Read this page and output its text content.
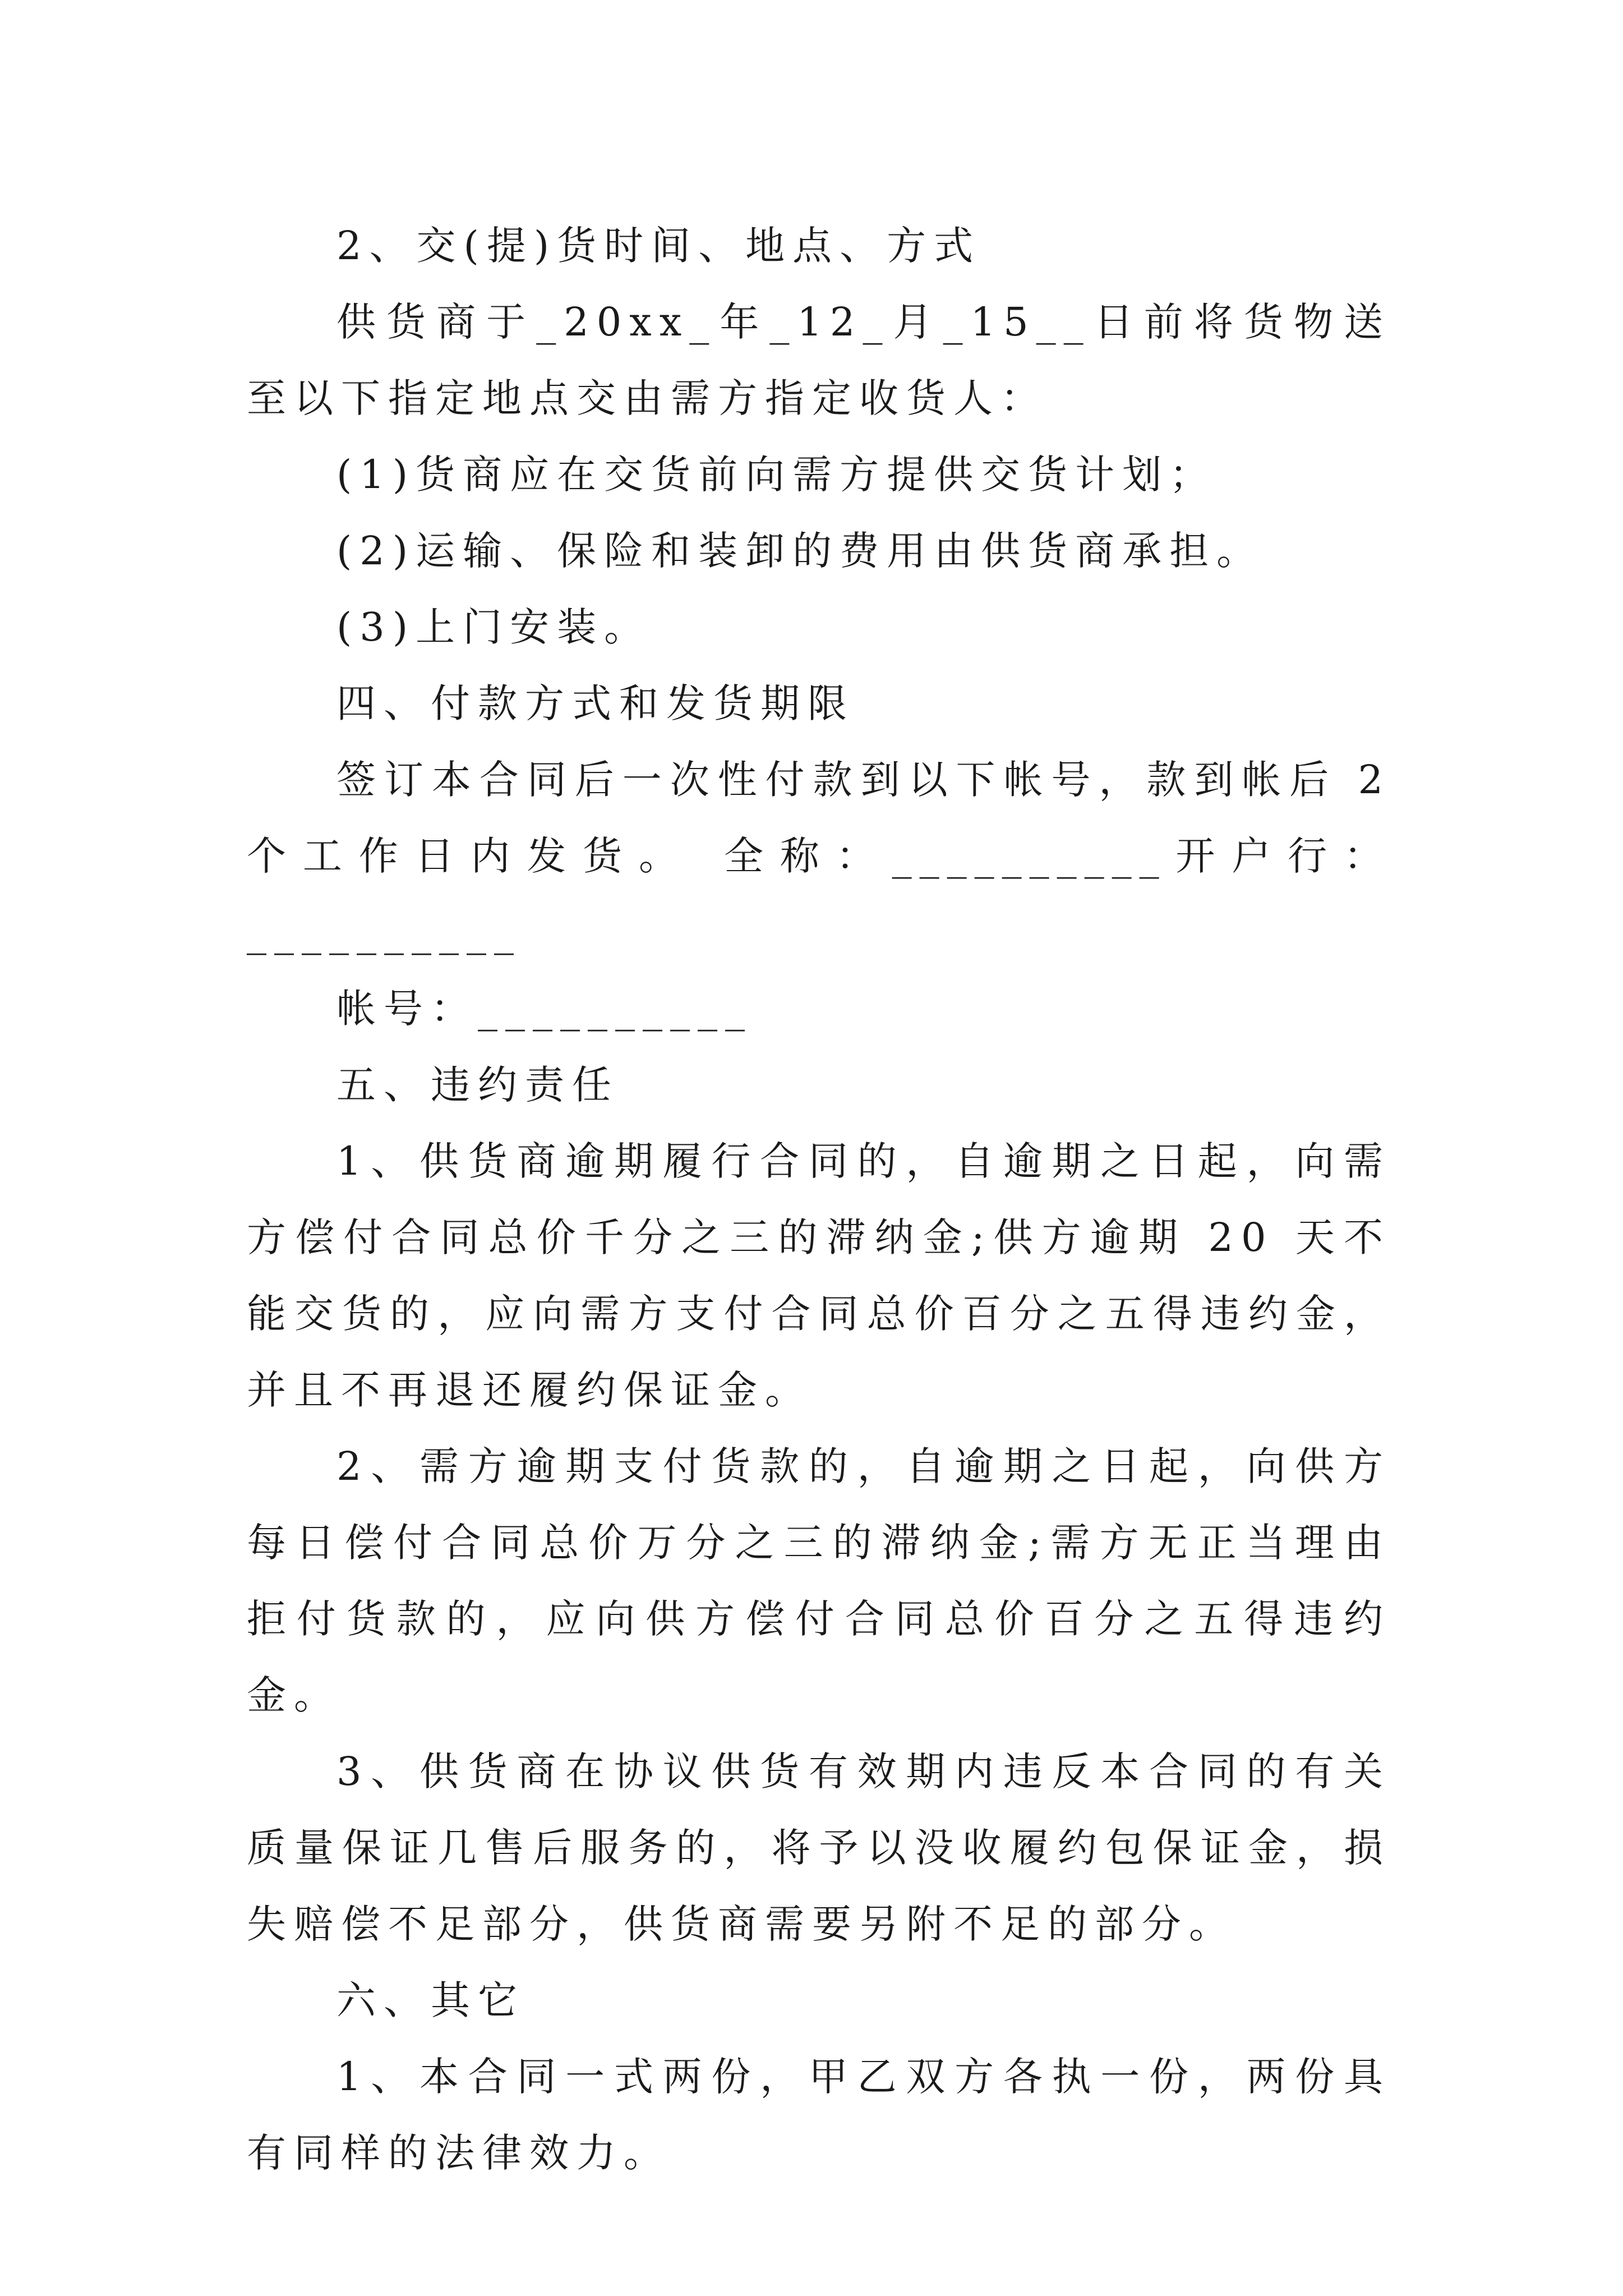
2、交(提)货时间、地点、方式

供货商于_20xx_年_12_月_15__日前将货物送至以下指定地点交由需方指定收货人：

(1)货商应在交货前向需方提供交货计划；

(2)运输、保险和装卸的费用由供货商承担。

(3)上门安装。

四、付款方式和发货期限

签订本合同后一次性付款到以下帐号，款到帐后 2 个工作日内发货。 全称：__________开户行：__________

帐号：__________

五、违约责任

1、供货商逾期履行合同的，自逾期之日起，向需方偿付合同总价千分之三的滞纳金;供方逾期 20 天不能交货的，应向需方支付合同总价百分之五得违约金，并且不再退还履约保证金。

2、需方逾期支付货款的，自逾期之日起，向供方每日偿付合同总价万分之三的滞纳金;需方无正当理由拒付货款的，应向供方偿付合同总价百分之五得违约金。

3、供货商在协议供货有效期内违反本合同的有关质量保证几售后服务的，将予以没收履约包保证金，损失赔偿不足部分，供货商需要另附不足的部分。

六、其它

1、本合同一式两份，甲乙双方各执一份，两份具有同样的法律效力。
